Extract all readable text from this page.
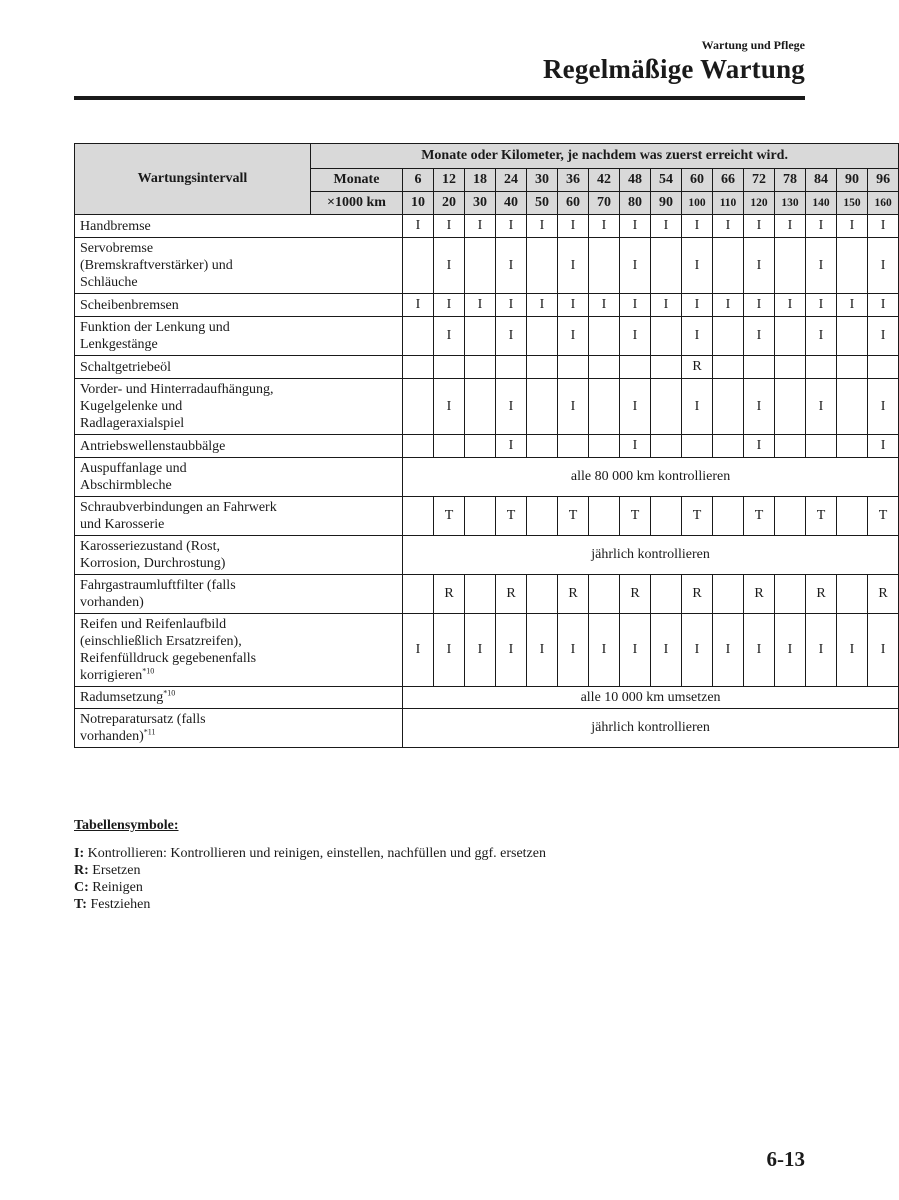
Wartung und Pflege
Regelmäßige Wartung
Wartungsintervall	Monate oder Kilometer, je nachdem was zuerst erreicht wird.																
	Monate	6	12	18	24	30	36	42	48	54	60	66	72	78	84	90	96
	×1000 km	10	20	30	40	50	60	70	80	90	100	110	120	130	140	150	160
Handbremse		I	I	I	I	I	I	I	I	I	I	I	I	I	I	I	I
Servobremse
(Bremskraftverstärker) und
Schläuche			I		I		I		I		I		I		I		I
Scheibenbremsen		I	I	I	I	I	I	I	I	I	I	I	I	I	I	I	I
Funktion der Lenkung und
Lenkgestänge			I		I		I		I		I		I		I		I
Schaltgetriebeöl											R						
Vorder- und Hinterradaufhängung,
Kugelgelenke und
Radlageraxialspiel			I		I		I		I		I		I		I		I
Antriebswellenstaubbälge					I				I				I				I
Auspuffanlage und
Abschirmbleche		alle 80 000 km kontrollieren															
Schraubverbindungen an Fahrwerk
und Karosserie			T		T		T		T		T		T		T		T
Karosseriezustand (Rost,
Korrosion, Durchrostung)		jährlich kontrollieren															
Fahrgastraumluftfilter (falls
vorhanden)			R		R		R		R		R		R		R		R
Reifen und Reifenlaufbild
(einschließlich Ersatzreifen),
Reifenfülldruck gegebenenfalls
korrigieren$^{*10}$		I	I	I	I	I	I	I	I	I	I	I	I	I	I	I	I
Radumsetzung$^{*10}$		alle 10 000 km umsetzen															
Notreparatursatz (falls
vorhanden)$^{*11}$		jährlich kontrollieren															
Tabellensymbole:
I: Kontrollieren: Kontrollieren und reinigen, einstellen, nachfüllen und ggf. ersetzen
R: Ersetzen
C: Reinigen
T: Festziehen
6-13
